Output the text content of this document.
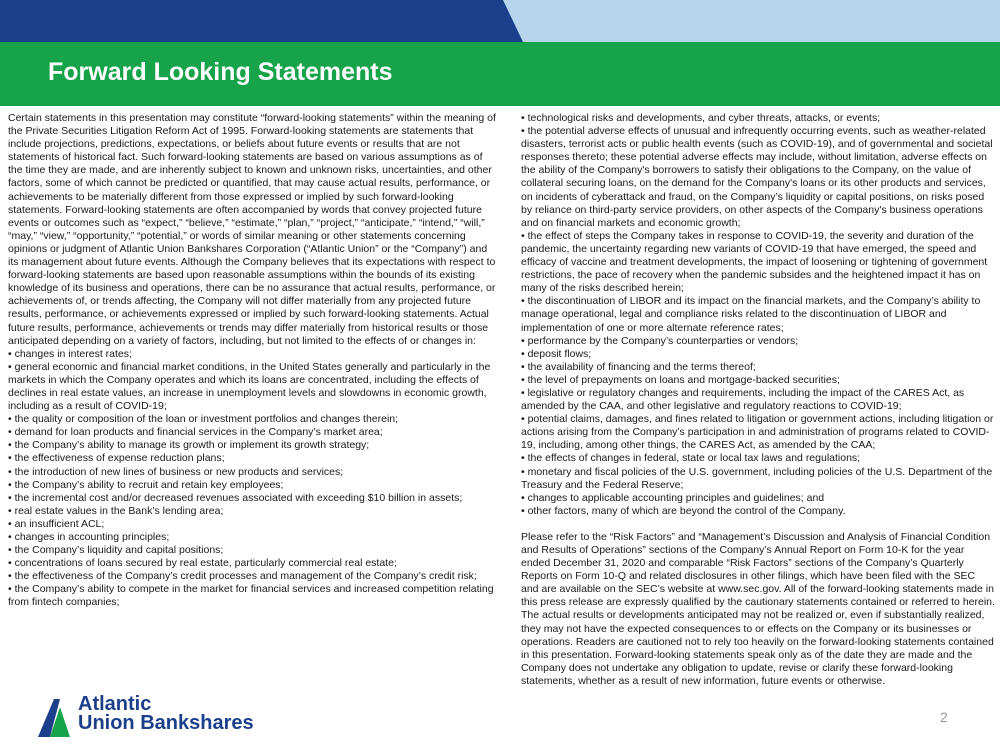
Forward Looking Statements

Certain statements in this presentation may constitute “forward-looking statements” within the meaning of the Private Securities Litigation Reform Act of 1995. Forward-looking statements are statements that include projections, predictions, expectations, or beliefs about future events or results that are not statements of historical fact. Such forward-looking statements are based on various assumptions as of the time they are made, and are inherently subject to known and unknown risks, uncertainties, and other factors, some of which cannot be predicted or quantified, that may cause actual results, performance, or achievements to be materially different from those expressed or implied by such forward-looking statements. Forward-looking statements are often accompanied by words that convey projected future events or outcomes such as “expect,” “believe,” “estimate,” “plan,” “project,” “anticipate,” “intend,” “will,” “may,” “view,” “opportunity,” “potential,” or words of similar meaning or other statements concerning opinions or judgment of Atlantic Union Bankshares Corporation (“Atlantic Union” or the “Company”) and its management about future events. Although the Company believes that its expectations with respect to forward-looking statements are based upon reasonable assumptions within the bounds of its existing knowledge of its business and operations, there can be no assurance that actual results, performance, or achievements of, or trends affecting, the Company will not differ materially from any projected future results, performance, or achievements expressed or implied by such forward-looking statements. Actual future results, performance, achievements or trends may differ materially from historical results or those anticipated depending on a variety of factors, including, but not limited to the effects of or changes in:

• changes in interest rates;

• general economic and financial market conditions, in the United States generally and particularly in the markets in which the Company operates and which its loans are concentrated, including the effects of declines in real estate values, an increase in unemployment levels and slowdowns in economic growth, including as a result of COVID-19;

• the quality or composition of the loan or investment portfolios and changes therein;

• demand for loan products and financial services in the Company’s market area;

• the Company’s ability to manage its growth or implement its growth strategy;

• the effectiveness of expense reduction plans;

• the introduction of new lines of business or new products and services;

• the Company’s ability to recruit and retain key employees;

• the incremental cost and/or decreased revenues associated with exceeding $10 billion in assets;

• real estate values in the Bank’s lending area;

• an insufficient ACL;

• changes in accounting principles;

• the Company’s liquidity and capital positions;

• concentrations of loans secured by real estate, particularly commercial real estate;

• the effectiveness of the Company’s credit processes and management of the Company’s credit risk;

• the Company’s ability to compete in the market for financial services and increased competition relating from fintech companies;

• technological risks and developments, and cyber threats, attacks, or events;

• the potential adverse effects of unusual and infrequently occurring events, such as weather-related disasters, terrorist acts or public health events (such as COVID-19), and of governmental and societal responses thereto; these potential adverse effects may include, without limitation, adverse effects on the ability of the Company's borrowers to satisfy their obligations to the Company, on the value of collateral securing loans, on the demand for the Company's loans or its other products and services, on incidents of cyberattack and fraud, on the Company’s liquidity or capital positions, on risks posed by reliance on third-party service providers, on other aspects of the Company's business operations and on financial markets and economic growth;

• the effect of steps the Company takes in response to COVID-19, the severity and duration of the pandemic, the uncertainty regarding new variants of COVID-19 that have emerged, the speed and efficacy of vaccine and treatment developments, the impact of loosening or tightening of government restrictions, the pace of recovery when the pandemic subsides and the heightened impact it has on many of the risks described herein;

• the discontinuation of LIBOR and its impact on the financial markets, and the Company’s ability to manage operational, legal and compliance risks related to the discontinuation of LIBOR and implementation of one or more alternate reference rates;

• performance by the Company’s counterparties or vendors;

• deposit flows;

• the availability of financing and the terms thereof;

• the level of prepayments on loans and mortgage-backed securities;

• legislative or regulatory changes and requirements, including the impact of the CARES Act, as amended by the CAA, and other legislative and regulatory reactions to COVID-19;

• potential claims, damages, and fines related to litigation or government actions, including litigation or actions arising from the Company’s participation in and administration of programs related to COVID-19, including, among other things, the CARES Act, as amended by the CAA;

• the effects of changes in federal, state or local tax laws and regulations;

• monetary and fiscal policies of the U.S. government, including policies of the U.S. Department of the Treasury and the Federal Reserve;

• changes to applicable accounting principles and guidelines; and

• other factors, many of which are beyond the control of the Company.

Please refer to the “Risk Factors” and “Management’s Discussion and Analysis of Financial Condition and Results of Operations” sections of the Company’s Annual Report on Form 10-K for the year ended December 31, 2020 and comparable “Risk Factors” sections of the Company’s Quarterly Reports on Form 10-Q and related disclosures in other filings, which have been filed with the SEC and are available on the SEC’s website at www.sec.gov. All of the forward-looking statements made in this press release are expressly qualified by the cautionary statements contained or referred to herein. The actual results or developments anticipated may not be realized or, even if substantially realized, they may not have the expected consequences to or effects on the Company or its businesses or operations. Readers are cautioned not to rely too heavily on the forward-looking statements contained in this presentation. Forward-looking statements speak only as of the date they are made and the Company does not undertake any obligation to update, revise or clarify these forward-looking statements, whether as a result of new information, future events or otherwise.

Atlantic
Union Bankshares	2
